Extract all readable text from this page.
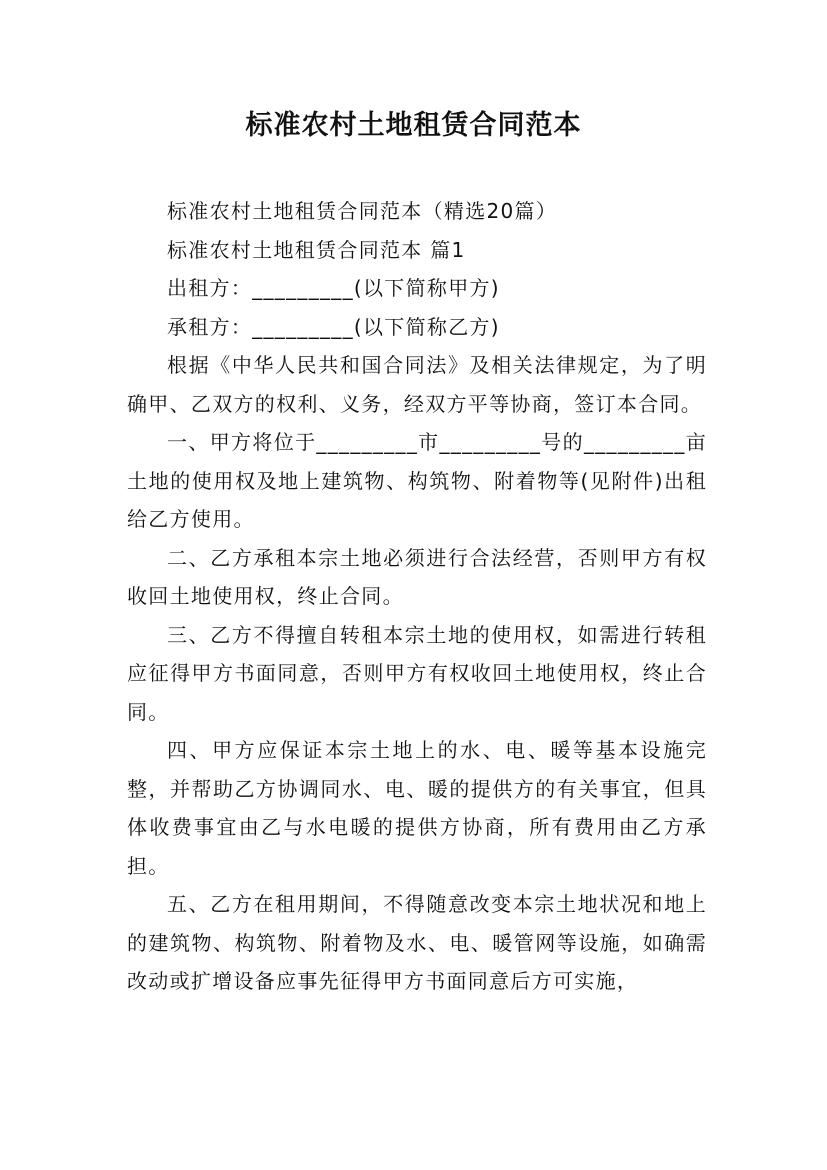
标准农村土地租赁合同范本

标准农村土地租赁合同范本（精选20篇）

标准农村土地租赁合同范本 篇1

出租方：_________(以下简称甲方)

承租方：_________(以下简称乙方)

根据《中华人民共和国合同法》及相关法律规定，为了明确甲、乙双方的权利、义务，经双方平等协商，签订本合同。

一、甲方将位于_________市_________号的_________亩土地的使用权及地上建筑物、构筑物、附着物等(见附件)出租给乙方使用。

二、乙方承租本宗土地必须进行合法经营，否则甲方有权收回土地使用权，终止合同。

三、乙方不得擅自转租本宗土地的使用权，如需进行转租应征得甲方书面同意，否则甲方有权收回土地使用权，终止合同。

四、甲方应保证本宗土地上的水、电、暖等基本设施完整，并帮助乙方协调同水、电、暖的提供方的有关事宜，但具体收费事宜由乙与水电暖的提供方协商，所有费用由乙方承担。

五、乙方在租用期间，不得随意改变本宗土地状况和地上的建筑物、构筑物、附着物及水、电、暖管网等设施，如确需改动或扩增设备应事先征得甲方书面同意后方可实施，
